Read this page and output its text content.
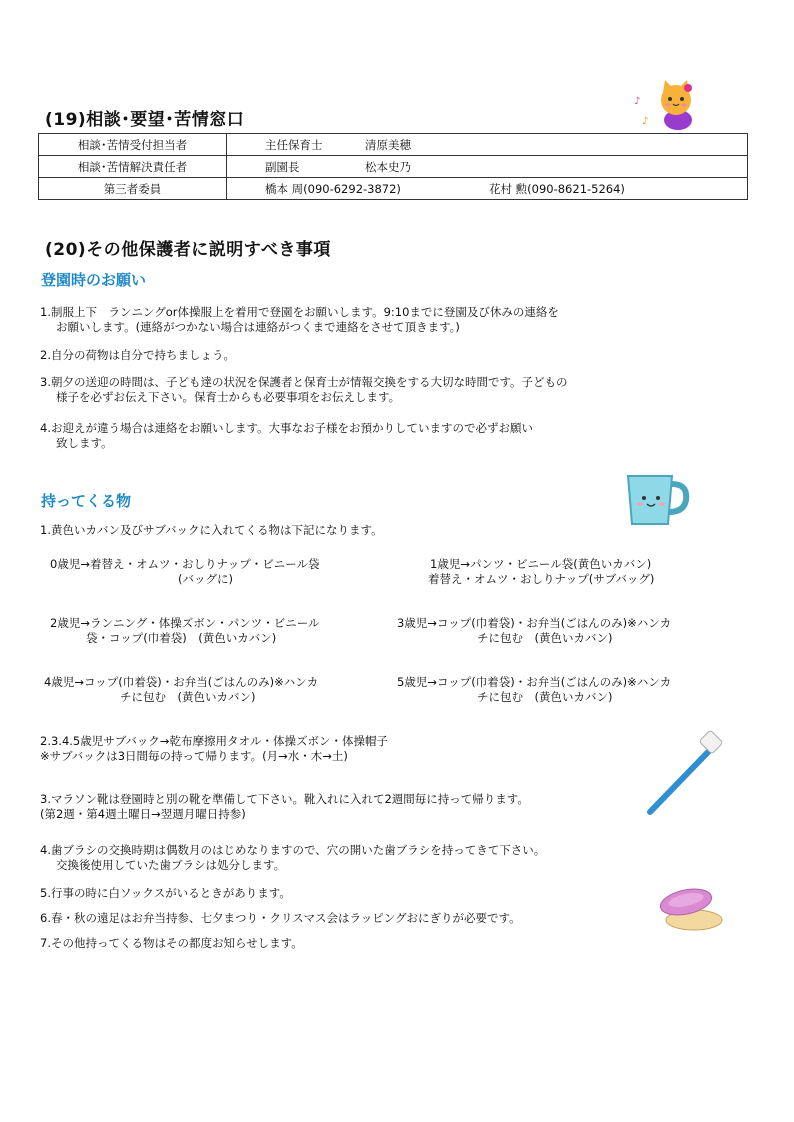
♪
♪
(19)相談･要望･苦情窓口
相談･苦情受付担当者	主任保育士 清原美穂
相談･苦情解決責任者	副園長 松本史乃
第三者委員	橋本 周(090-6292-3872) 花村 勲(090-8621-5264)
(20)その他保護者に説明すべき事項
登園時のお願い
1.制服上下　ランニングor体操服上を着用で登園をお願いします。9:10までに登園及び休みの連絡を
お願いします。(連絡がつかない場合は連絡がつくまで連絡をさせて頂きます。)
2.自分の荷物は自分で持ちましょう。
3.朝夕の送迎の時間は、子ども達の状況を保護者と保育士が情報交換をする大切な時間です。子どもの
様子を必ずお伝え下さい。保育士からも必要事項をお伝えします。
4.お迎えが違う場合は連絡をお願いします。大事なお子様をお預かりしていますので必ずお願い
致します。
持ってくる物
1.黄色いカバン及びサブバックに入れてくる物は下記になります。
0歳児→着替え・オムツ・おしりナップ・ビニール袋
(バッグに)
1歳児→パンツ・ビニール袋(黄色いカバン)
着替え・オムツ・おしりナップ(サブバッグ)
2歳児→ランニング・体操ズボン・パンツ・ビニール
袋・コップ(巾着袋)　(黄色いカバン)
3歳児→コップ(巾着袋)・お弁当(ごはんのみ)※ハンカ
チに包む　(黄色いカバン)
4歳児→コップ(巾着袋)・お弁当(ごはんのみ)※ハンカ
チに包む　(黄色いカバン)
5歳児→コップ(巾着袋)・お弁当(ごはんのみ)※ハンカ
チに包む　(黄色いカバン)
2.3.4.5歳児サブバック→乾布摩擦用タオル・体操ズボン・体操帽子
※サブバックは3日間毎の持って帰ります。(月→水・木→土)
3.マラソン靴は登園時と別の靴を準備して下さい。靴入れに入れて2週間毎に持って帰ります。
(第2週・第4週土曜日→翌週月曜日持参)
4.歯ブラシの交換時期は偶数月のはじめなりますので、穴の開いた歯ブラシを持ってきて下さい。
交換後使用していた歯ブラシは処分します。
5.行事の時に白ソックスがいるときがあります。
6.春・秋の遠足はお弁当持参、七夕まつり・クリスマス会はラッピングおにぎりが必要です。
7.その他持ってくる物はその都度お知らせします。
